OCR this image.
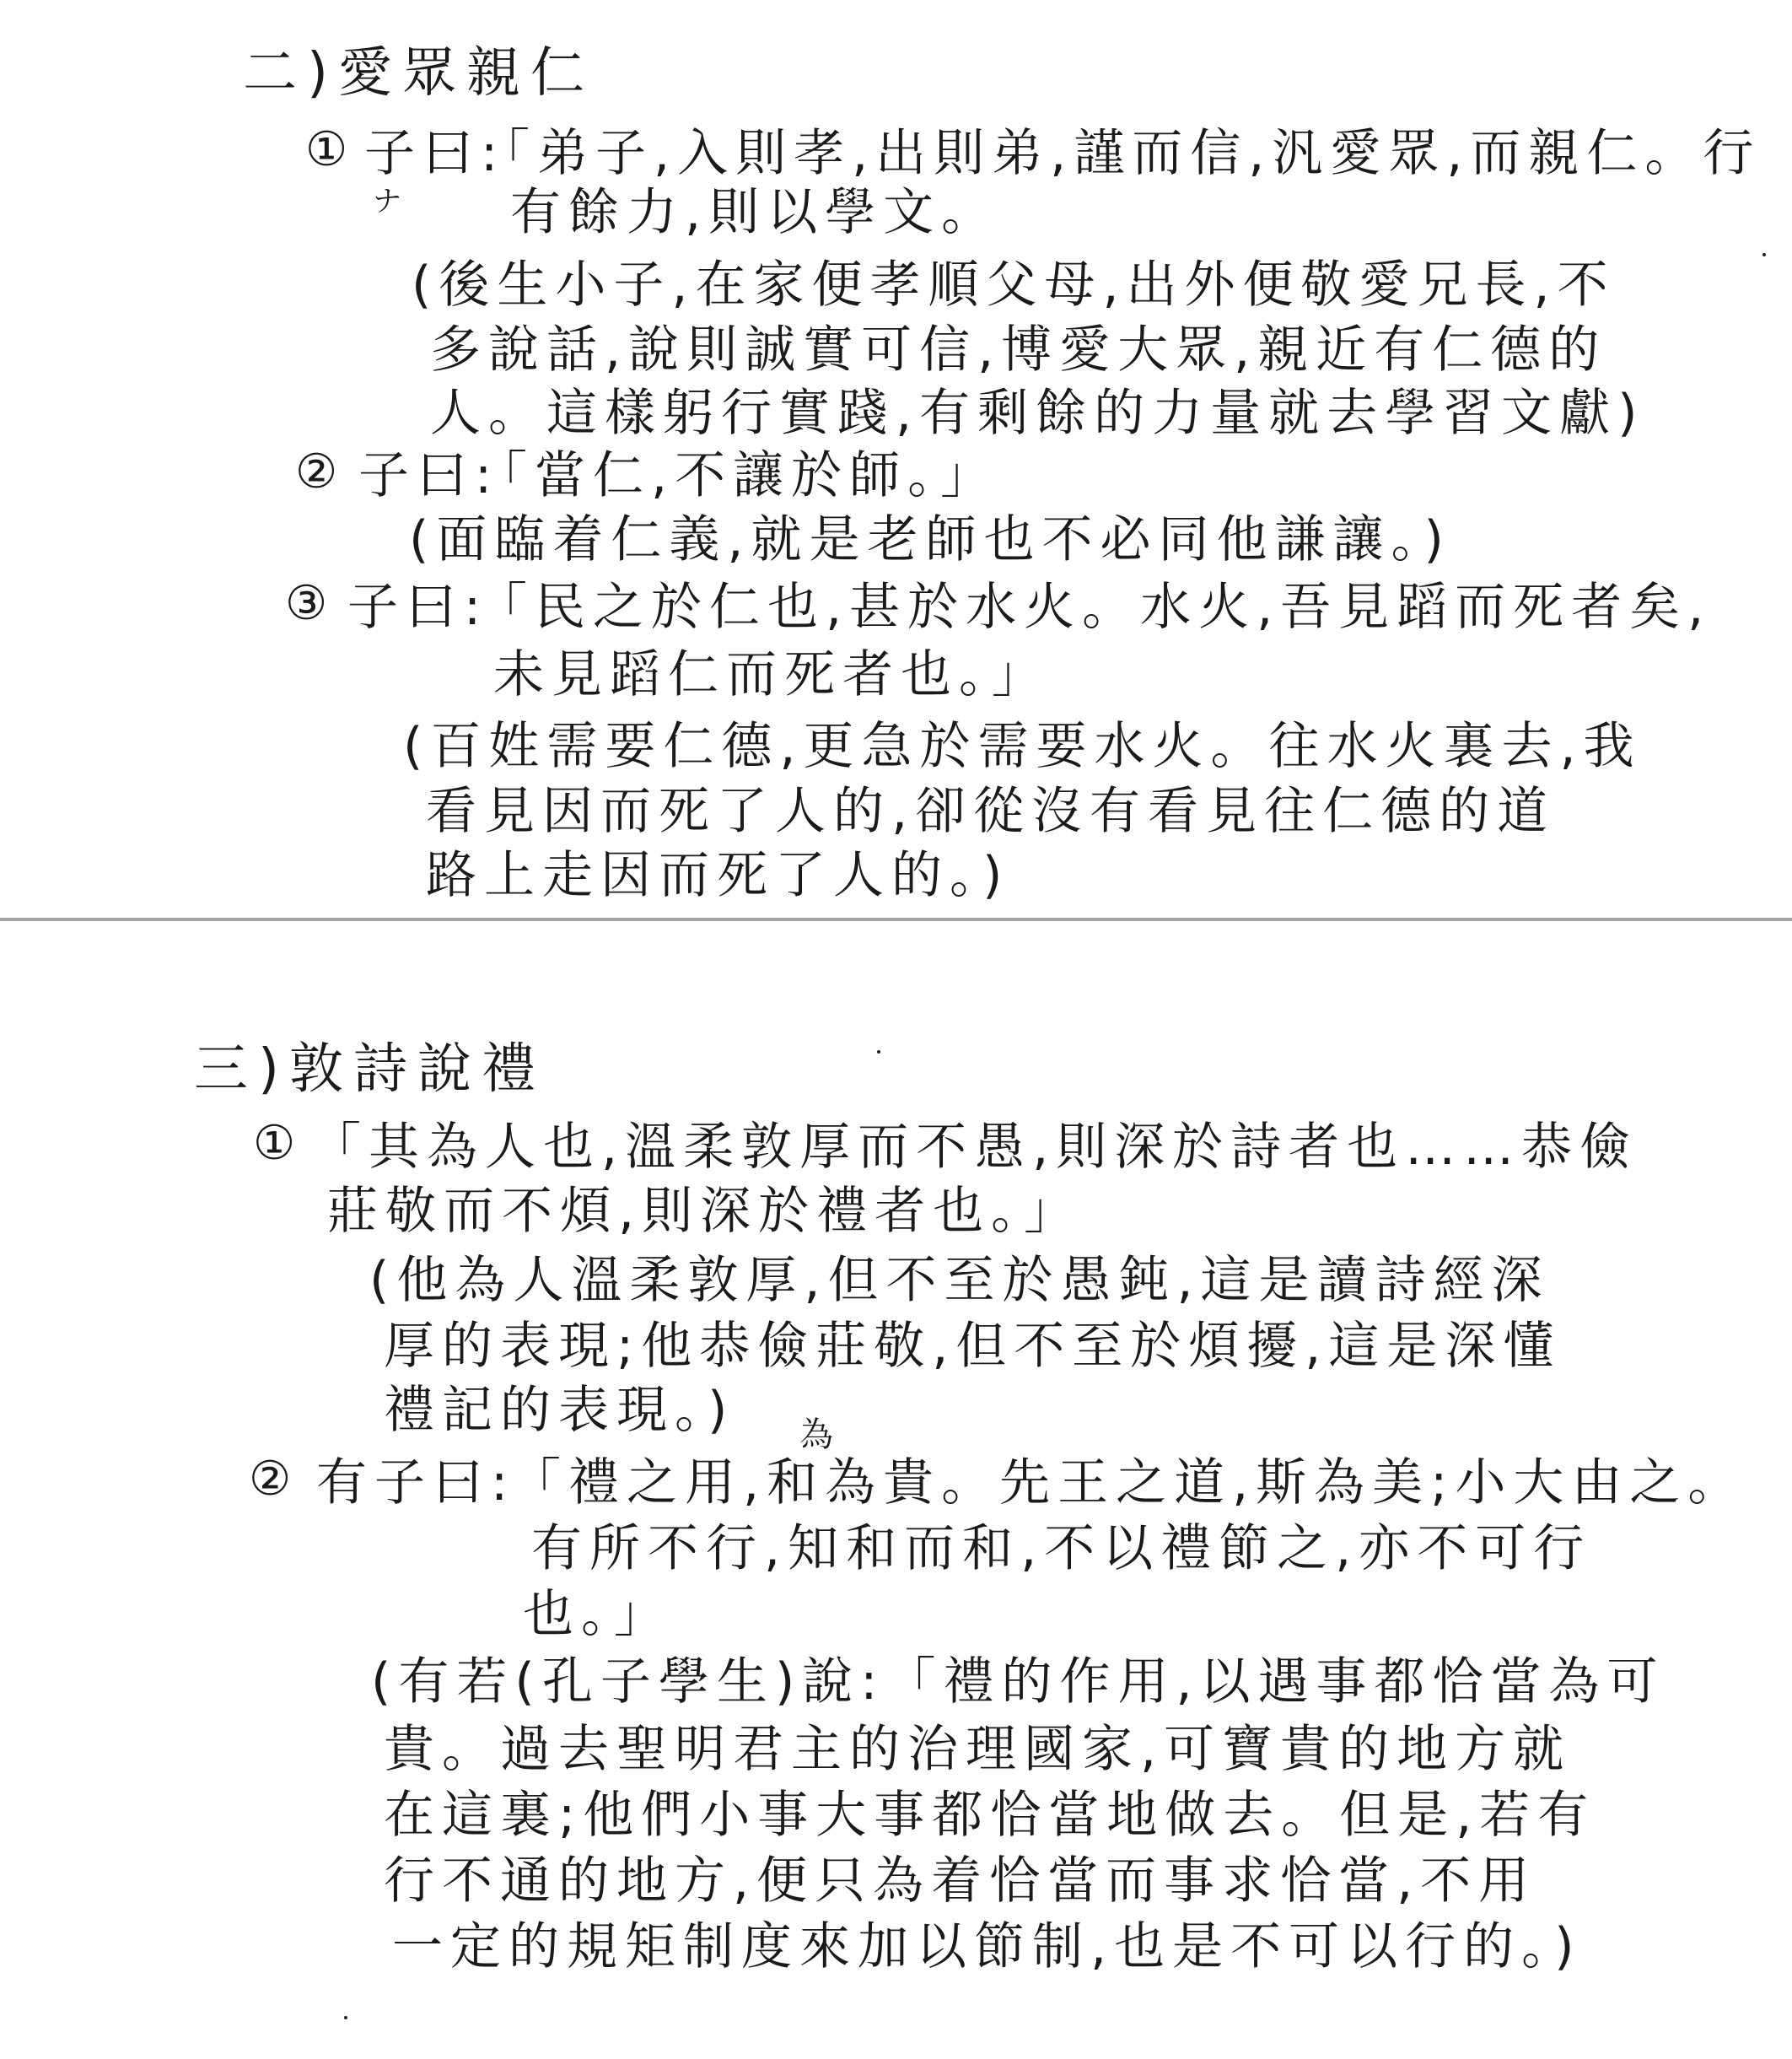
二)愛眾親仁
① 子曰:
ナ
「弟子,入則孝,出則弟,謹而信,汎愛眾,而親仁。行
有餘力,則以學文。
(後生小子,在家便孝順父母,出外便敬愛兄長,不
多說話,說則誠實可信,博愛大眾,親近有仁德的
人。這樣躬行實踐,有剩餘的力量就去學習文獻)
② 子曰:
「當仁,不讓於師。」
(面臨着仁義,就是老師也不必同他謙讓。)
③ 子曰:
「民之於仁也,甚於水火。水火,吾見蹈而死者矣,
未見蹈仁而死者也。」
(百姓需要仁德,更急於需要水火。往水火裏去,我
看見因而死了人的,卻從沒有看見往仁德的道
路上走因而死了人的。)
三)敦詩說禮
① 「其為人也,溫柔敦厚而不愚,則深於詩者也……恭儉
莊敬而不煩,則深於禮者也。」
(他為人溫柔敦厚,但不至於愚鈍,這是讀詩經深
厚的表現;他恭儉莊敬,但不至於煩擾,這是深懂
禮記的表現。) 為
② 有子曰:
「禮之用,和為貴。先王之道,斯為美;小大由之。
有所不行,知和而和,不以禮節之,亦不可行
也。」
(有若(孔子學生)說:「禮的作用,以遇事都恰當為可
貴。過去聖明君主的治理國家,可寶貴的地方就
在這裏;他們小事大事都恰當地做去。但是,若有
行不通的地方,便只為着恰當而事求恰當,不用
一定的規矩制度來加以節制,也是不可以行的。)
